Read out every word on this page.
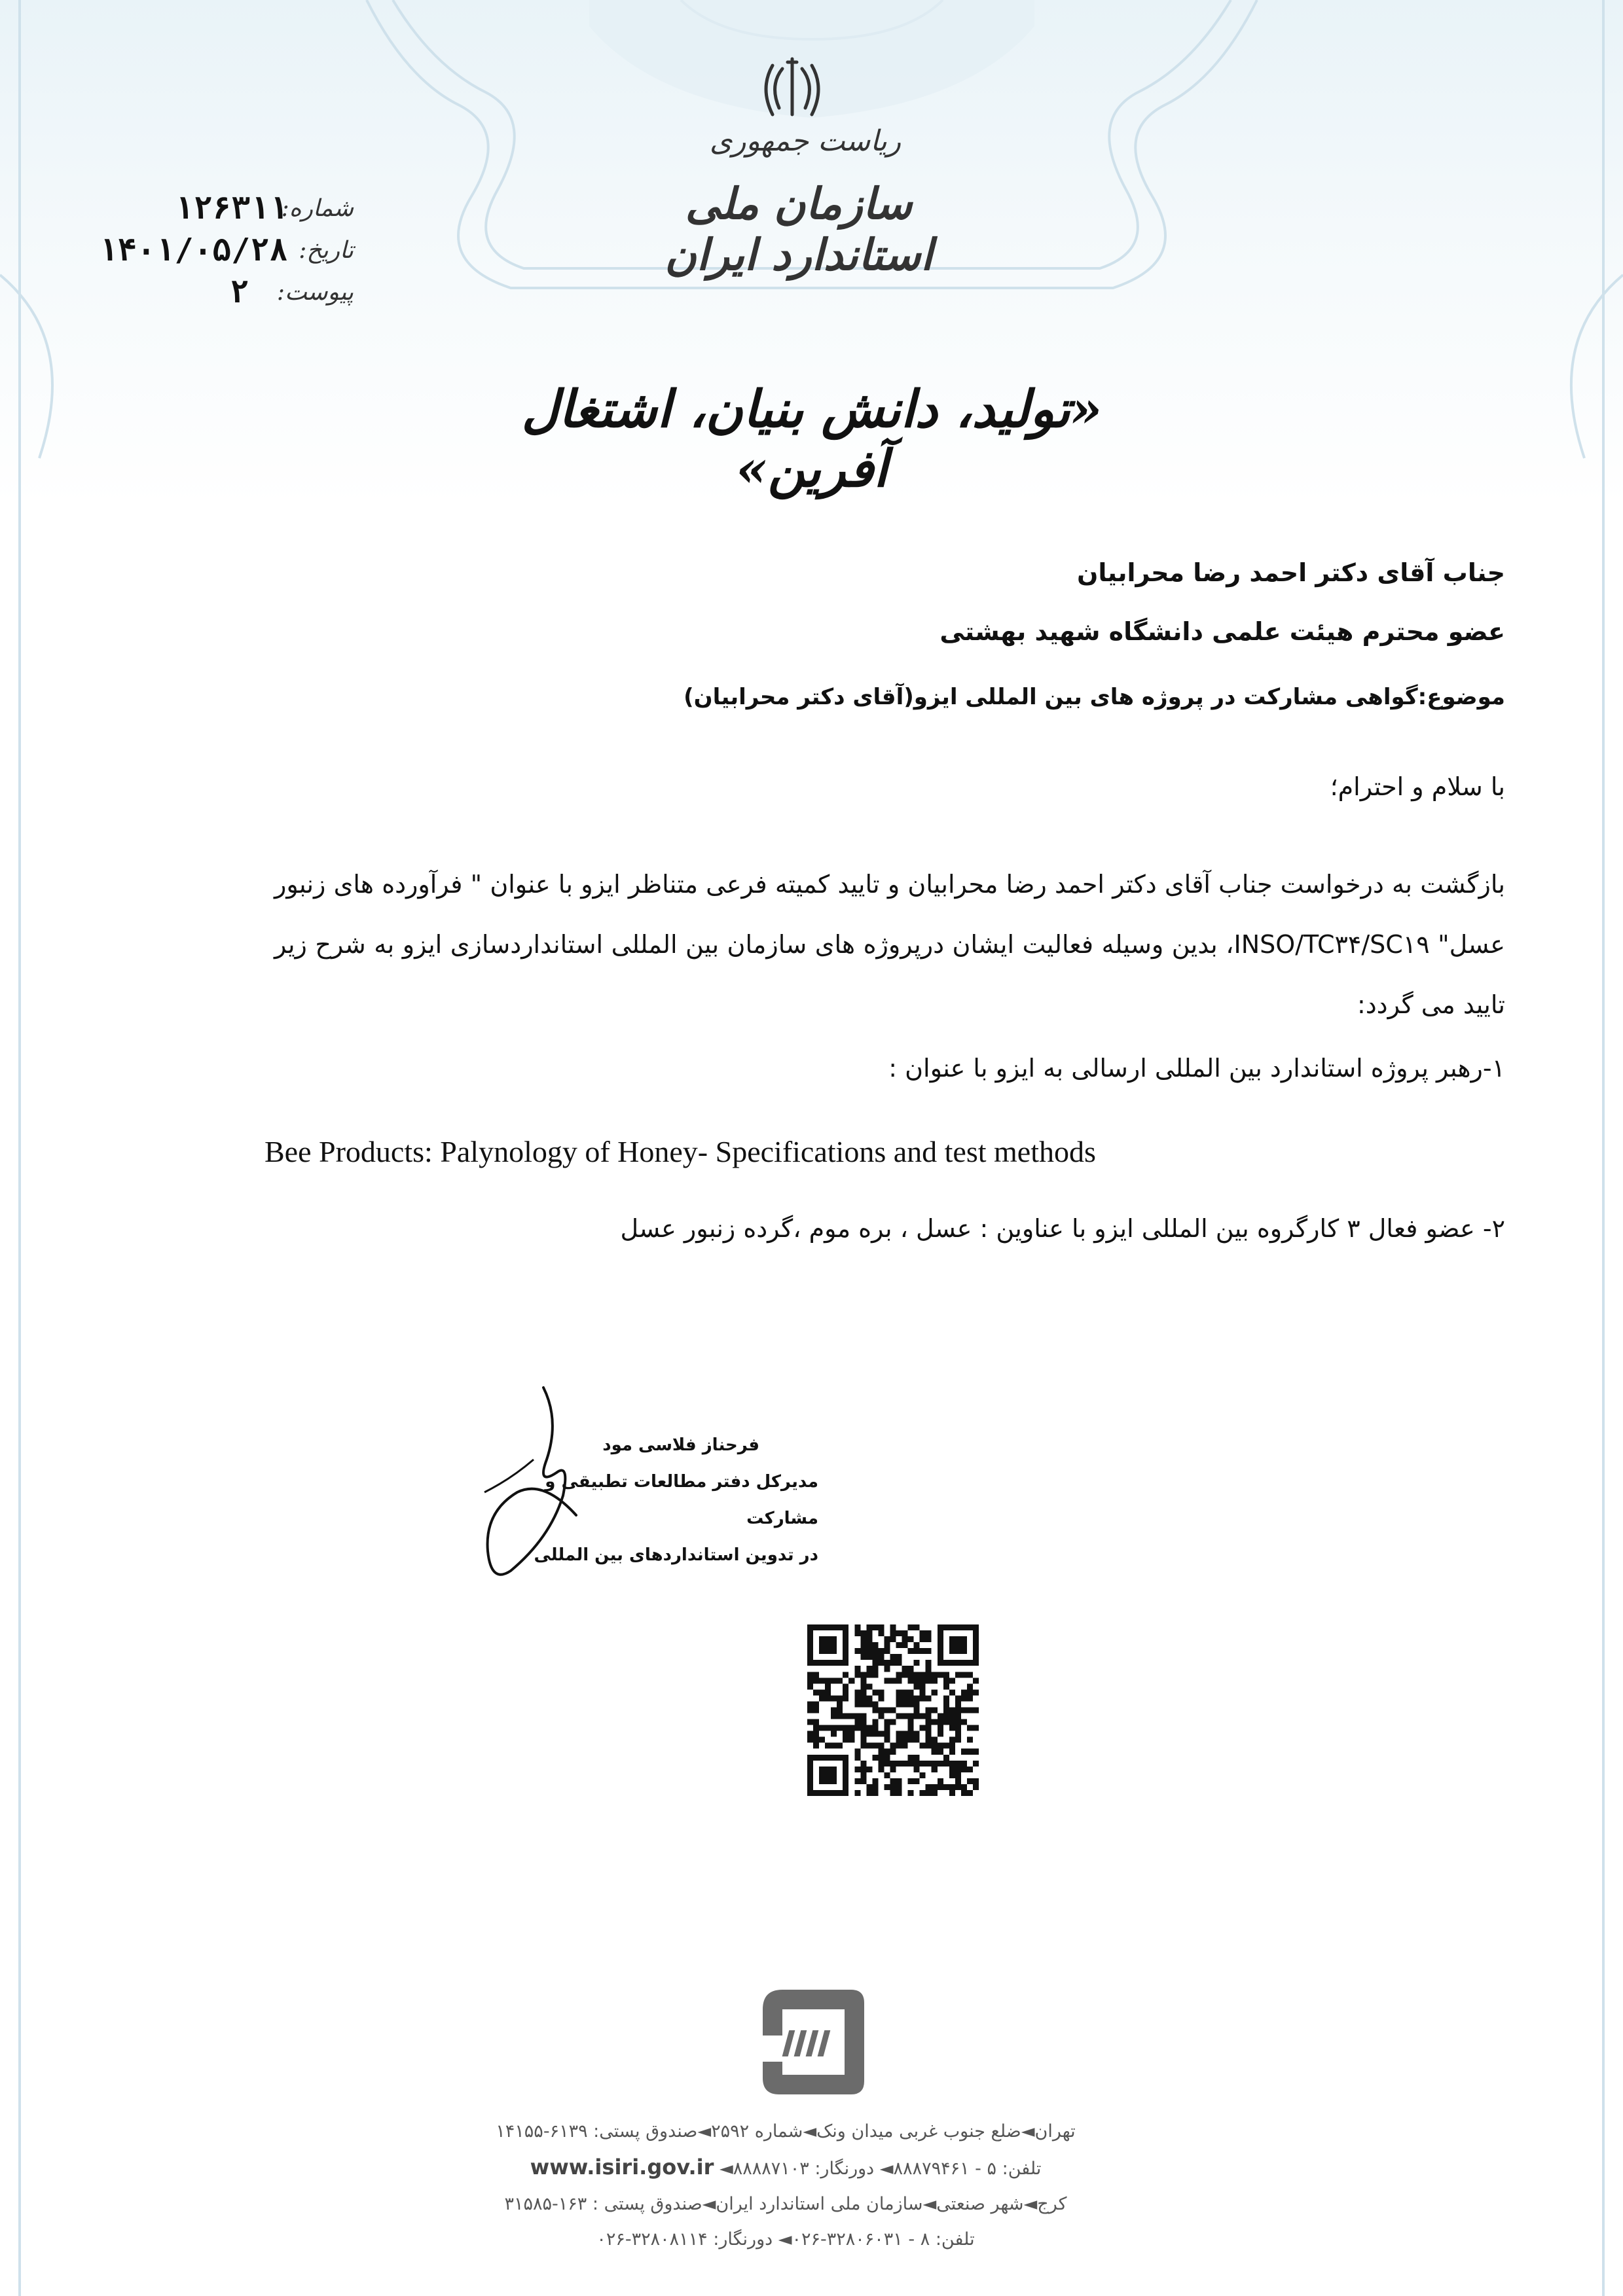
ریاست جمهوری
سازمان ملی استاندارد ایران
شماره:
۱۲۶۳۱۱
تاریخ:
۱۴۰۱/۰۵/۲۸
پیوست:
۲
«تولید، دانش بنیان، اشتغال آفرین»
جناب آقای دکتر احمد رضا محرابیان
عضو محترم هیئت علمی دانشگاه شهید بهشتی
موضوع:گواهی مشارکت در پروژه های بین المللی ایزو(آقای دکتر محرابیان)
با سلام و احترام؛
بازگشت به درخواست جناب آقای دکتر احمد رضا محرابیان و تایید کمیته فرعی متناظر ایزو با عنوان " فرآورده های زنبور عسل" INSO/TC۳۴/SC۱۹، بدین وسیله فعالیت ایشان درپروژه های سازمان بین المللی استانداردسازی ایزو به شرح زیر تایید می گردد:
۱-رهبر پروژه استاندارد بین المللی ارسالی به ایزو با عنوان :
Bee Products: Palynology of Honey- Specifications and test methods
۲- عضو فعال ۳ کارگروه بین المللی ایزو با عناوین : عسل ، بره موم ،گرده زنبور عسل
فرحناز فلاسی مود
مدیرکل دفتر مطالعات تطبیقی و مشارکت
در تدوین استانداردهای بین المللی
تهران◄ضلع جنوب غربی میدان ونک◄شماره ۲۵۹۲◄صندوق پستی: ۶۱۳۹-۱۴۱۵۵
تلفن: ۵ - ۸۸۸۷۹۴۶۱◄ دورنگار: ۸۸۸۸۷۱۰۳◄ www.isiri.gov.ir
کرج◄شهر صنعتی◄سازمان ملی استاندارد ایران◄صندوق پستی : ۱۶۳-۳۱۵۸۵
تلفن: ۸ - ۳۲۸۰۶۰۳۱-۰۲۶◄ دورنگار: ۳۲۸۰۸۱۱۴-۰۲۶
